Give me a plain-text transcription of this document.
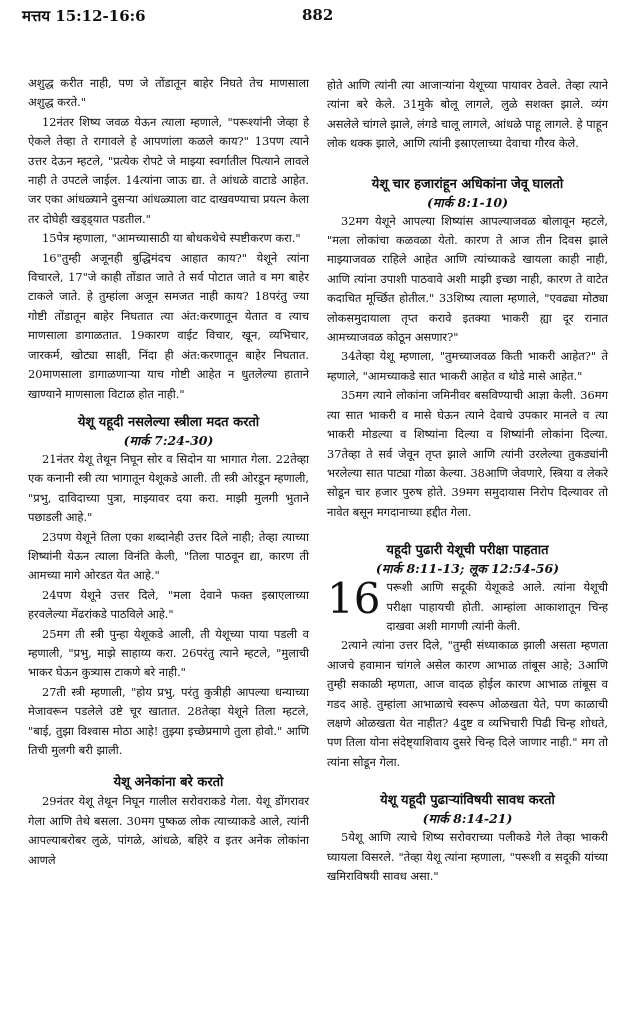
मत्तय 15:12-16:6	882

अशुद्ध करीत नाही, पण जे तोंडातून बाहेर निघते तेच माणसाला अशुद्ध करते."

12नंतर शिष्य जवळ येऊन त्याला म्हणाले, "परूश्यांनी जेव्हा हे ऐकले तेव्हा ते रागावले हे आपणांला कळले काय?" 13पण त्याने उत्तर देऊन म्हटले, "प्रत्येक रोपटे जे माझ्या स्वर्गातील पित्याने लावले नाही ते उपटले जाईल. 14त्यांना जाऊ द्या. ते आंधळे वाटाडे आहेत. जर एका आंधळ्याने दुसऱ्या आंधळ्याला वाट दाखवण्याचा प्रयत्न केला तर दोघेही खड्ड्यात पडतील."

15पेत्र म्हणाला, "आमच्यासाठी या बोधकथेचे स्पष्टीकरण करा."

16"तुम्ही अजूनही बुद्धिमंदच आहात काय?" येशूने त्यांना विचारले, 17"जे काही तोंडात जाते ते सर्व पोटात जाते व मग बाहेर टाकले जाते. हे तुम्हांला अजून समजत नाही काय? 18परंतु ज्या गोष्टी तोंडातून बाहेर निघतात त्या अंत:करणातून येतात व त्याच माणसाला डागाळतात. 19कारण वाईट विचार, खून, व्यभिचार, जारकर्म, खोट्या साक्षी, निंदा ही अंत:करणातून बाहेर निघतात. 20माणसाला डागाळणाऱ्या याच गोष्टी आहेत न धुतलेल्या हाताने खाण्याने माणसाला विटाळ होत नाही."

येशू यहूदी नसलेल्या स्त्रीला मदत करतो
(मार्क 7:24-30)

21नंतर येशू तेथून निघून सोर व सिदोन या भागात गेला. 22तेव्हा एक कनानी स्त्री त्या भागातून येशूकडे आली. ती स्त्री ओरडून म्हणाली, "प्रभु, दाविदाच्या पुत्रा, माझ्यावर दया करा. माझी मुलगी भुताने पछाडली आहे."

23पण येशूने तिला एका शब्दानेही उत्तर दिले नाही; तेव्हा त्याच्या शिष्यांनी येऊन त्याला विनंति केली, "तिला पाठवून द्या, कारण ती आमच्या मागे ओरडत येत आहे."

24पण येशूने उत्तर दिले, "मला देवाने फक्त इस्राएलाच्या हरवलेल्या मेंढरांकडे पाठविले आहे."

25मग ती स्त्री पुन्हा येशूकडे आली, ती येशूच्या पाया पडली व म्हणाली, "प्रभु, माझे साहाय्य करा. 26परंतु त्याने म्हटले, "मुलाची भाकर घेऊन कुत्र्यास टाकणे बरे नाही."

27ती स्त्री म्हणाली, "होय प्रभु, परंतु कुत्रीही आपल्या धन्याच्या मेजावरून पडलेले उष्टे चूर खातात. 28तेव्हा येशूने तिला म्हटले, "बाई, तुझा विश्वास मोठा आहे! तुझ्या इच्छेप्रमाणे तुला होवो." आणि तिची मुलगी बरी झाली.

येशू अनेकांना बरे करतो

29नंतर येशू तेथून निघून गालील सरोवराकडे गेला. येशू डोंगरावर गेला आणि तेथे बसला. 30मग पुष्कळ लोक त्याच्याकडे आले, त्यांनी आपल्याबरोबर लुळे, पांगळे, आंधळे, बहिरे व इतर अनेक लोकांना आणले

होते आणि त्यांनी त्या आजाऱ्यांना येशूच्या पायावर ठेवले. तेव्हा त्याने त्यांना बरे केले. 31मुके बोलू लागले, लुळे सशक्त झाले. व्यंग असलेले चांगले झाले, लंगडे चालू लागले, आंधळे पाहू लागले. हे पाहून लोक थक्क झाले, आणि त्यांनी इस्राएलाच्या देवाचा गौरव केले.

येशू चार हजारांहून अधिकांना जेवू घालतो
(मार्क 8:1-10)

32मग येशूने आपल्या शिष्यांस आपल्याजवळ बोलावून म्हटले, "मला लोकांचा कळवळा येतो. कारण ते आज तीन दिवस झाले माझ्याजवळ राहिले आहेत आणि त्यांच्याकडे खायला काही नाही, आणि त्यांना उपाशी पाठवावे अशी माझी इच्छा नाही, कारण ते वाटेत कदाचित मूर्च्छित होतील." 33शिष्य त्याला म्हणाले, "एवढ्या मोठ्या लोकसमुदायाला तृप्त करावे इतक्या भाकरी ह्या दूर रानात आमच्याजवळ कोठून असणार?"

34तेव्हा येशू म्हणाला, "तुमच्याजवळ किती भाकरी आहेत?" ते म्हणाले, "आमच्याकडे सात भाकरी आहेत व थोडे मासे आहेत."

35मग त्याने लोकांना जमिनीवर बसविण्याची आज्ञा केली. 36मग त्या सात भाकरी व मासे घेऊन त्याने देवाचे उपकार मानले व त्या भाकरी मोडल्या व शिष्यांना दिल्या व शिष्यांनी लोकांना दिल्या. 37तेव्हा ते सर्व जेवून तृप्त झाले आणि त्यांनी उरलेल्या तुकड्यांनी भरलेल्या सात पाट्या गोळा केल्या. 38आणि जेवणारे, स्त्रिया व लेकरे सोडून चार हजार पुरुष होते. 39मग समुदायास निरोप दिल्यावर तो नावेत बसून मगदानाच्या हद्दीत गेला.

यहूदी पुढारी येशूची परीक्षा पाहतात
(मार्क 8:11-13; लूक 12:54-56)

16 परूशी आणि सदूकी येशूकडे आले. त्यांना येशूची परीक्षा पाहायची होती. आम्हांला आकाशातून चिन्ह दाखवा अशी मागणी त्यांनी केली.

2त्याने त्यांना उत्तर दिले, "तुम्ही संध्याकाळ झाली असता म्हणता आजचे हवामान चांगले असेल कारण आभाळ तांबूस आहे; 3आणि तुम्ही सकाळी म्हणता, आज वादळ होईल कारण आभाळ तांबूस व गडद आहे. तुम्हांला आभाळाचे स्वरूप ओळखता येते, पण काळाची लक्षणे ओळखता येत नाहीत? 4दुष्ट व व्यभिचारी पिढी चिन्ह शोधते, पण तिला योना संदेष्ट्याशिवाय दुसरे चिन्ह दिले जाणार नाही." मग तो त्यांना सोडून गेला.

येशू यहूदी पुढाऱ्यांविषयी सावध करतो
(मार्क 8:14-21)

5येशू आणि त्याचे शिष्य सरोवराच्या पलीकडे गेले तेव्हा भाकरी घ्यायला विसरले. "तेव्हा येशू त्यांना म्हणाला, "परूशी व सदूकी यांच्या खमिराविषयी सावध असा."
